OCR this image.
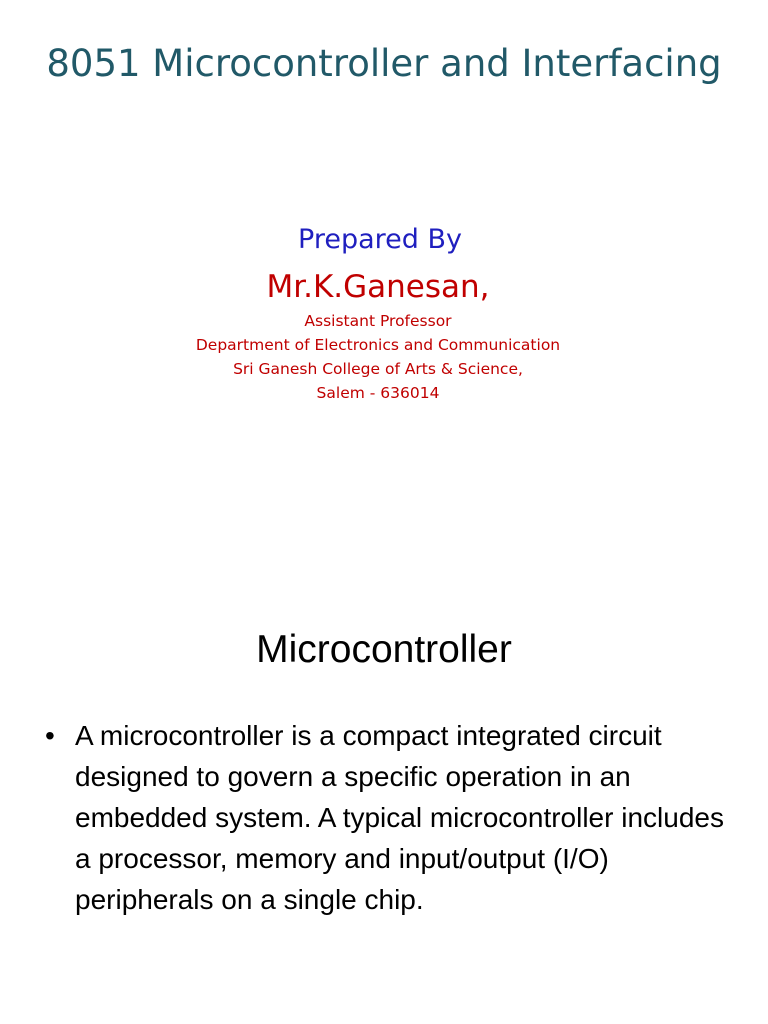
8051 Microcontroller and Interfacing
Prepared By
Mr.K.Ganesan,
Assistant Professor
Department of Electronics and Communication
Sri Ganesh College of Arts & Science,
Salem - 636014
Microcontroller
• A microcontroller is a compact integrated circuit designed to govern a specific operation in an embedded system. A typical microcontroller includes a processor, memory and input/output (I/O) peripherals on a single chip.
